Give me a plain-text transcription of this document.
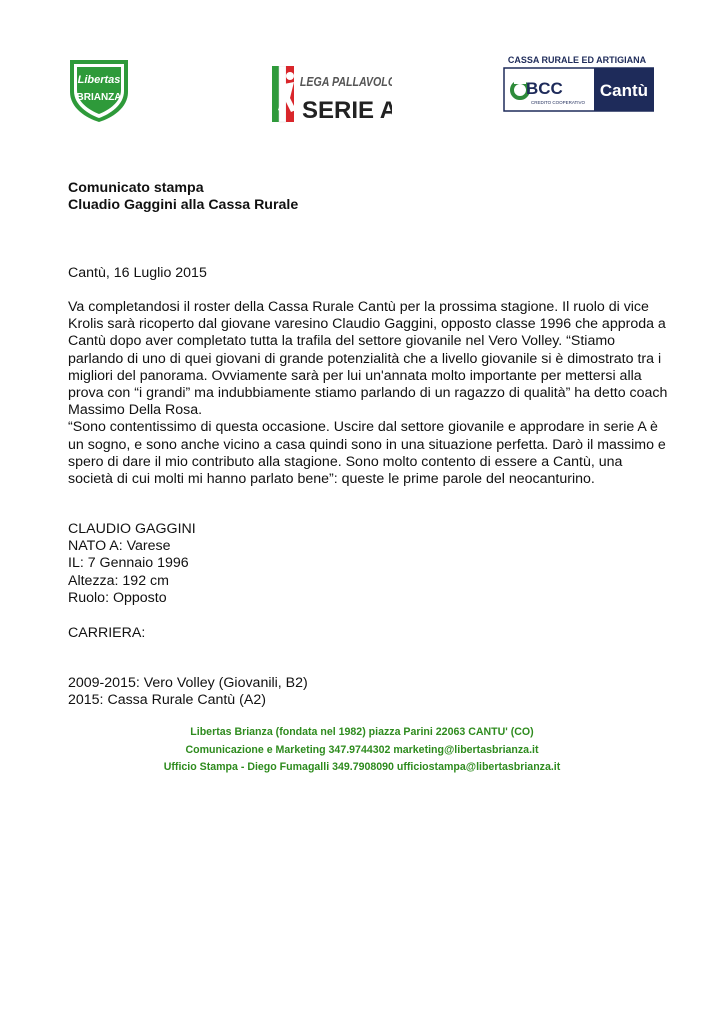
Libertas
BRIANZA
LEGA PALLAVOLO
SERIE A
CASSA RURALE ED ARTIGIANA
BCC
CREDITO COOPERATIVO
Cantù

Comunicato stampa

Cluadio Gaggini alla Cassa Rurale

Cantù, 16 Luglio 2015

Va completandosi il roster della Cassa Rurale Cantù per la prossima stagione. Il ruolo di vice Krolis sarà ricoperto dal giovane varesino Claudio Gaggini, opposto classe 1996 che approda a Cantù dopo aver completato tutta la trafila del settore giovanile nel Vero Volley. “Stiamo parlando di uno di quei giovani di grande potenzialità che a livello giovanile si è dimostrato tra i migliori del panorama. Ovviamente sarà per lui un'annata molto importante per mettersi alla prova con “i grandi” ma indubbiamente stiamo parlando di un ragazzo di qualità” ha detto coach Massimo Della Rosa.

“Sono contentissimo di questa occasione. Uscire dal settore giovanile e approdare in serie A è un sogno, e sono anche vicino a casa quindi sono in una situazione perfetta. Darò il massimo e spero di dare il mio contributo alla stagione. Sono molto contento di essere a Cantù, una società di cui molti mi hanno parlato bene”: queste le prime parole del neocanturino.

CLAUDIO GAGGINI

NATO A: Varese

IL: 7 Gennaio 1996

Altezza: 192 cm

Ruolo: Opposto

CARRIERA:

2009-2015: Vero Volley (Giovanili, B2)

2015: Cassa Rurale Cantù (A2)

Libertas Brianza (fondata nel 1982) piazza Parini 22063 CANTU' (CO)

Comunicazione e Marketing 347.9744302 marketing@libertasbrianza.it

Ufficio Stampa - Diego Fumagalli 349.7908090 ufficiostampa@libertasbrianza.it
